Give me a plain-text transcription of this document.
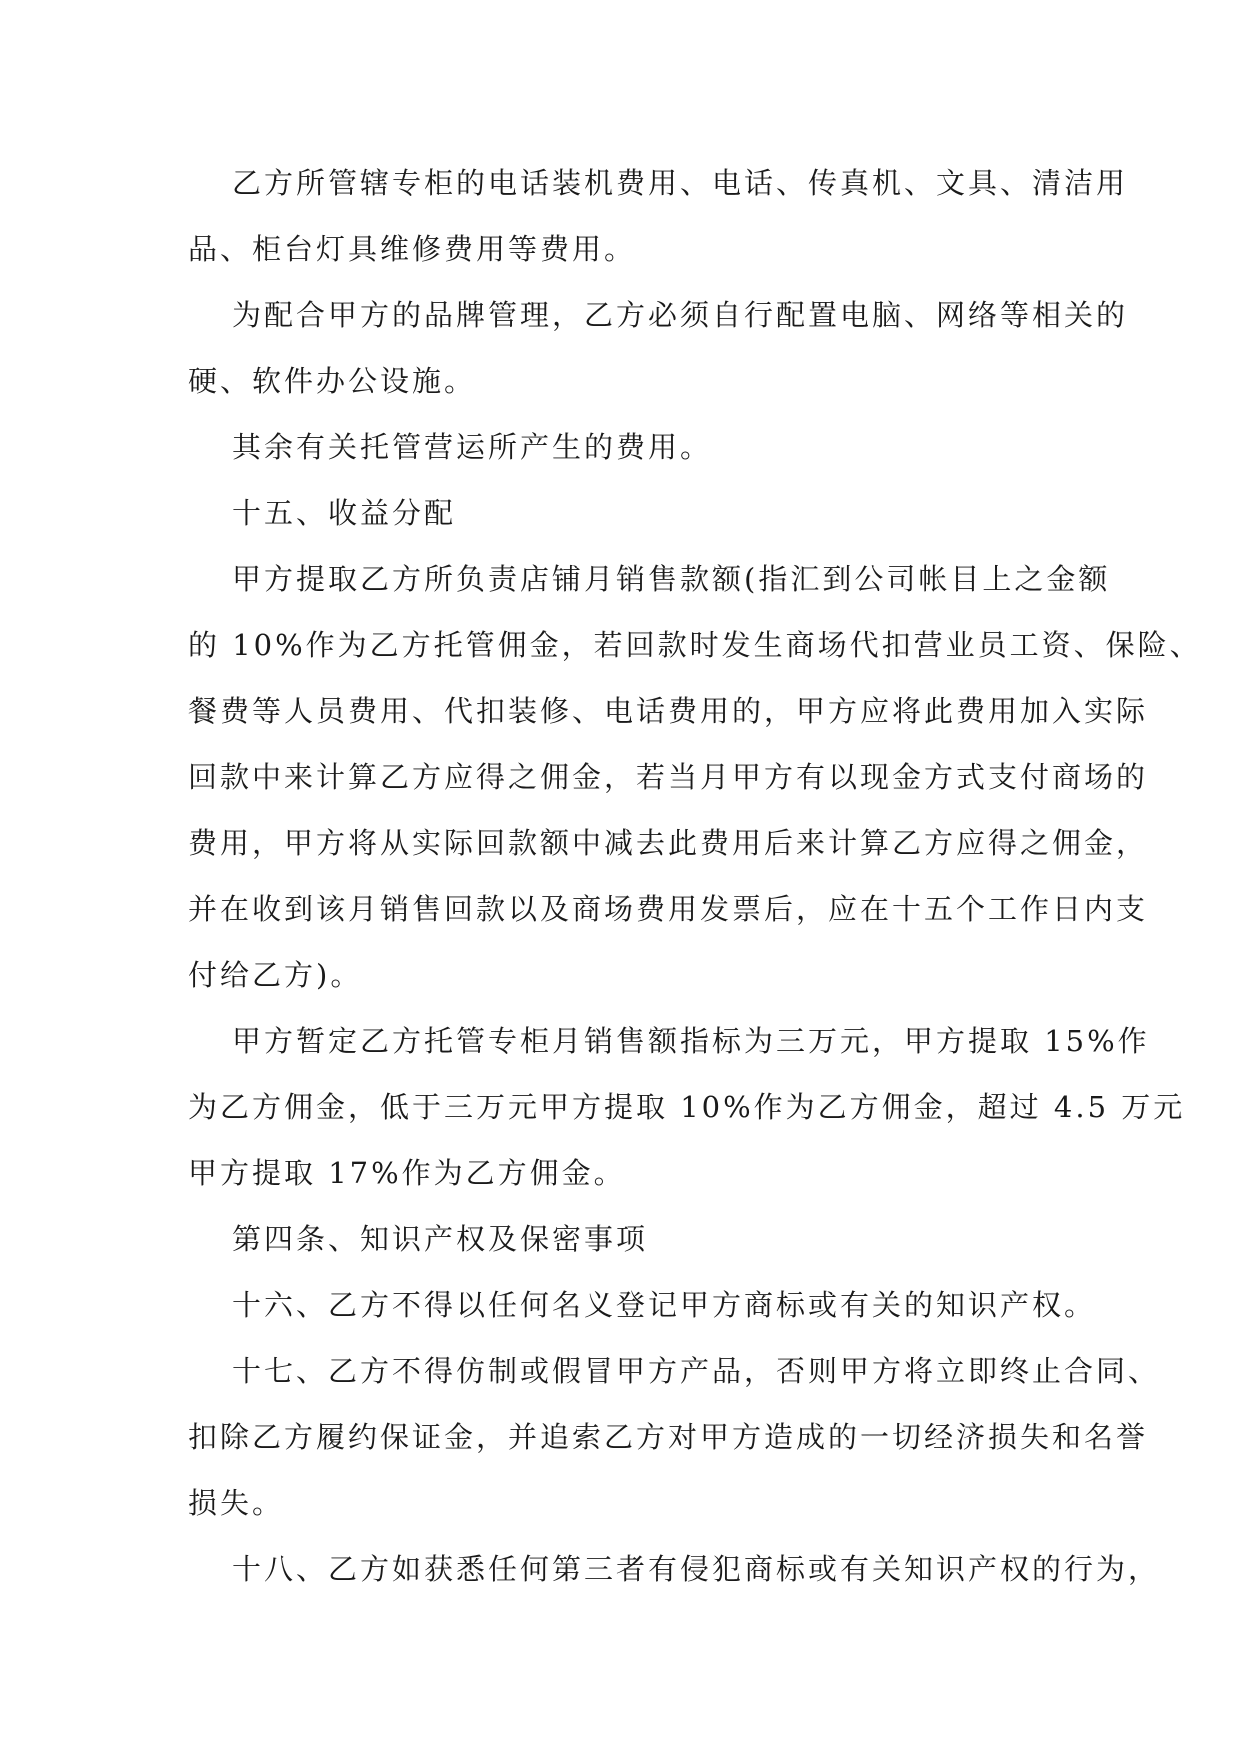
乙方所管辖专柜的电话装机费用、电话、传真机、文具、清洁用
品、柜台灯具维修费用等费用。
为配合甲方的品牌管理，乙方必须自行配置电脑、网络等相关的
硬、软件办公设施。
其余有关托管营运所产生的费用。
十五、收益分配
甲方提取乙方所负责店铺月销售款额(指汇到公司帐目上之金额
的 10%作为乙方托管佣金，若回款时发生商场代扣营业员工资、保险、
餐费等人员费用、代扣装修、电话费用的，甲方应将此费用加入实际
回款中来计算乙方应得之佣金，若当月甲方有以现金方式支付商场的
费用，甲方将从实际回款额中减去此费用后来计算乙方应得之佣金，
并在收到该月销售回款以及商场费用发票后，应在十五个工作日内支
付给乙方)。
甲方暂定乙方托管专柜月销售额指标为三万元，甲方提取 15%作
为乙方佣金，低于三万元甲方提取 10%作为乙方佣金，超过 4.5 万元
甲方提取 17%作为乙方佣金。
第四条、知识产权及保密事项
十六、乙方不得以任何名义登记甲方商标或有关的知识产权。
十七、乙方不得仿制或假冒甲方产品，否则甲方将立即终止合同、
扣除乙方履约保证金，并追索乙方对甲方造成的一切经济损失和名誉
损失。
十八、乙方如获悉任何第三者有侵犯商标或有关知识产权的行为，
